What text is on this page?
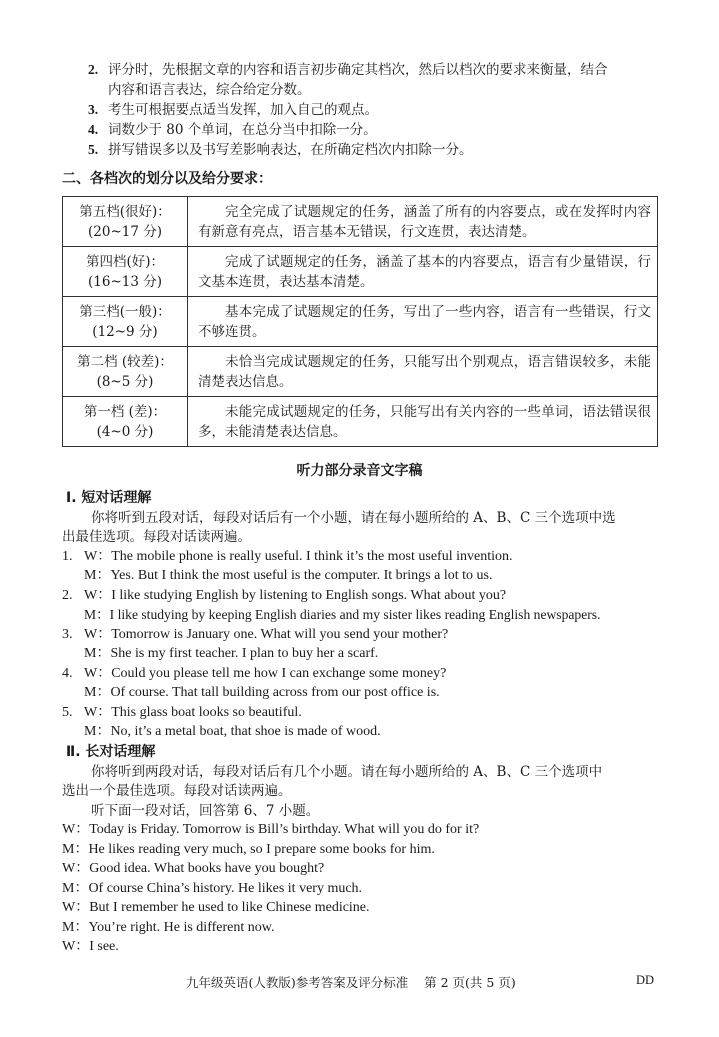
2. 评分时，先根据文章的内容和语言初步确定其档次，然后以档次的要求来衡量，结合
内容和语言表达，综合给定分数。
3. 考生可根据要点适当发挥，加入自己的观点。
4. 词数少于 80 个单词，在总分当中扣除一分。
5. 拼写错误多以及书写差影响表达，在所确定档次内扣除一分。
二、各档次的划分以及给分要求：
第五档(很好)：
(20~17 分)	完全完成了试题规定的任务，涵盖了所有的内容要点，或在发挥时内容有新意有亮点，语言基本无错误，行文连贯，表达清楚。

第四档(好)：
(16~13 分)	完成了试题规定的任务，涵盖了基本的内容要点，语言有少量错误，行文基本连贯，表达基本清楚。

第三档(一般)：
(12~9 分)	基本完成了试题规定的任务，写出了一些内容，语言有一些错误，行文不够连贯。

第二档 (较差)：
(8~5 分)	未恰当完成试题规定的任务，只能写出个别观点，语言错误较多，未能清楚表达信息。

第一档 (差)：
(4~0 分)	未能完成试题规定的任务，只能写出有关内容的一些单词，语法错误很多，未能清楚表达信息。
听力部分录音文字稿
Ⅰ. 短对话理解
你将听到五段对话，每段对话后有一个小题，请在每小题所给的 A、B、C 三个选项中选
出最佳选项。每段对话读两遍。
1. W：The mobile phone is really useful. I think it’s the most useful invention.
M：Yes. But I think the most useful is the computer. It brings a lot to us.
2. W：I like studying English by listening to English songs. What about you?
M：I like studying by keeping English diaries and my sister likes reading English newspapers.
3. W：Tomorrow is January one. What will you send your mother?
M：She is my first teacher. I plan to buy her a scarf.
4. W：Could you please tell me how I can exchange some money?
M：Of course. That tall building across from our post office is.
5. W：This glass boat looks so beautiful.
M：No, it’s a metal boat, that shoe is made of wood.
Ⅱ. 长对话理解
你将听到两段对话，每段对话后有几个小题。请在每小题所给的 A、B、C 三个选项中
选出一个最佳选项。每段对话读两遍。
听下面一段对话，回答第 6、7 小题。
W：Today is Friday. Tomorrow is Bill’s birthday. What will you do for it?
M：He likes reading very much, so I prepare some books for him.
W：Good idea. What books have you bought?
M：Of course China’s history. He likes it very much.
W：But I remember he used to like Chinese medicine.
M：You’re right. He is different now.
W：I see.
九年级英语(人教版)参考答案及评分标准    第 2 页(共 5 页)	DD
